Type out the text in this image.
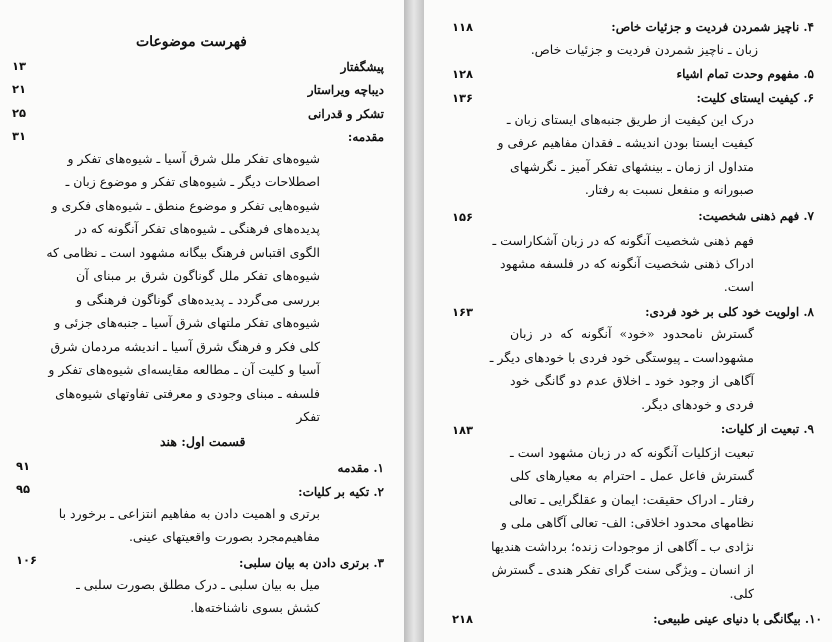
فهرست موضوعات
پیشگفتار
۱۳
دیباچه ویراستار
۲۱
تشکر و قدرانی
۲۵
مقدمه:
۳۱
شیوه‌های تفکر ملل شرق آسیا ـ شیوه‌های تفکر و
اصطلاحات دیگر ـ شیوه‌های تفکر و موضوع زبان ـ
شیوه‌هایی تفکر و موضوع منطق ـ شیوه‌های فکری و
پدیده‌های فرهنگی ـ شیوه‌های تفکر آنگونه که در
الگوی اقتباس فرهنگ بیگانه مشهود است ـ نظامی که
شیوه‌های تفکر ملل گوناگون شرق بر مبنای آن
بررسی می‌گردد ـ پدیده‌های گوناگون فرهنگی و
شیوه‌های تفکر ملتهای شرق آسیا ـ جنبه‌های جزئی و
کلی فکر و فرهنگ شرق آسیا ـ اندیشه مردمان شرق
آسیا و کلیت آن ـ مطالعه مقایسه‌ای شیوه‌های تفکر و
فلسفه ـ مبنای وجودی و معرفتی تفاوتهای شیوه‌های
تفکر
قسمت اول: هند
۱. مقدمه
۹۱
۲. تکیه بر کلیات:
۹۵
برتری و اهمیت دادن به مفاهیم انتزاعی ـ برخورد با
مفاهیم‌مجرد بصورت واقعیتهای عینی.
۳. برتری دادن به بیان سلبی:
۱۰۶
میل به بیان سلبی ـ درک مطلق بصورت سلبی ـ
کشش بسوی ناشناخته‌ها.
۴. ناچیز شمردن فردیت و جزئیات خاص:
۱۱۸
زبان ـ ناچیز شمردن فردیت و جزئیات خاص.
۵. مفهوم وحدت تمام اشیاء
۱۲۸
۶. کیفیت ایستای کلیت:
۱۳۶
درک این کیفیت از طریق جنبه‌های ایستای زبان ـ
کیفیت ایستا بودن اندیشه ـ فقدان مفاهیم عرفی و
متداول از زمان ـ بینشهای تفکر آمیز ـ نگرشهای
صبورانه و منفعل نسبت به رفتار.
۷. فهم ذهنی شخصیت:
۱۵۶
فهم ذهنی شخصیت آنگونه که در زبان آشکاراست ـ
ادراک ذهنی شخصیت آنگونه که در فلسفه مشهود
است.
۸. اولویت خود کلی بر خود فردی:
۱۶۳
گسترش نامحدود «خود» آنگونه که در زبان
مشهوداست ـ پیوستگی خود فردی با خودهای دیگر ـ
آگاهی از وجود خود ـ اخلاق عدم دو گانگی خود
فردی و خودهای دیگر.
۹. تبعیت از کلیات:
۱۸۳
تبعیت ازکلیات آنگونه که در زبان مشهود است ـ
گسترش فاعل عمل ـ احترام به معیارهای کلی
رفتار ـ ادراک حقیقت: ایمان و عقلگرایی ـ تعالی
نظامهای محدود اخلاقی: الف- تعالی آگاهی ملی و
نژادی ب ـ آگاهی از موجودات زنده؛ برداشت هندیها
از انسان ـ ویژگی سنت گرای تفکر هندی ـ گسترش
کلی.
۱۰. بیگانگی با دنیای عینی طبیعی:
۲۱۸
